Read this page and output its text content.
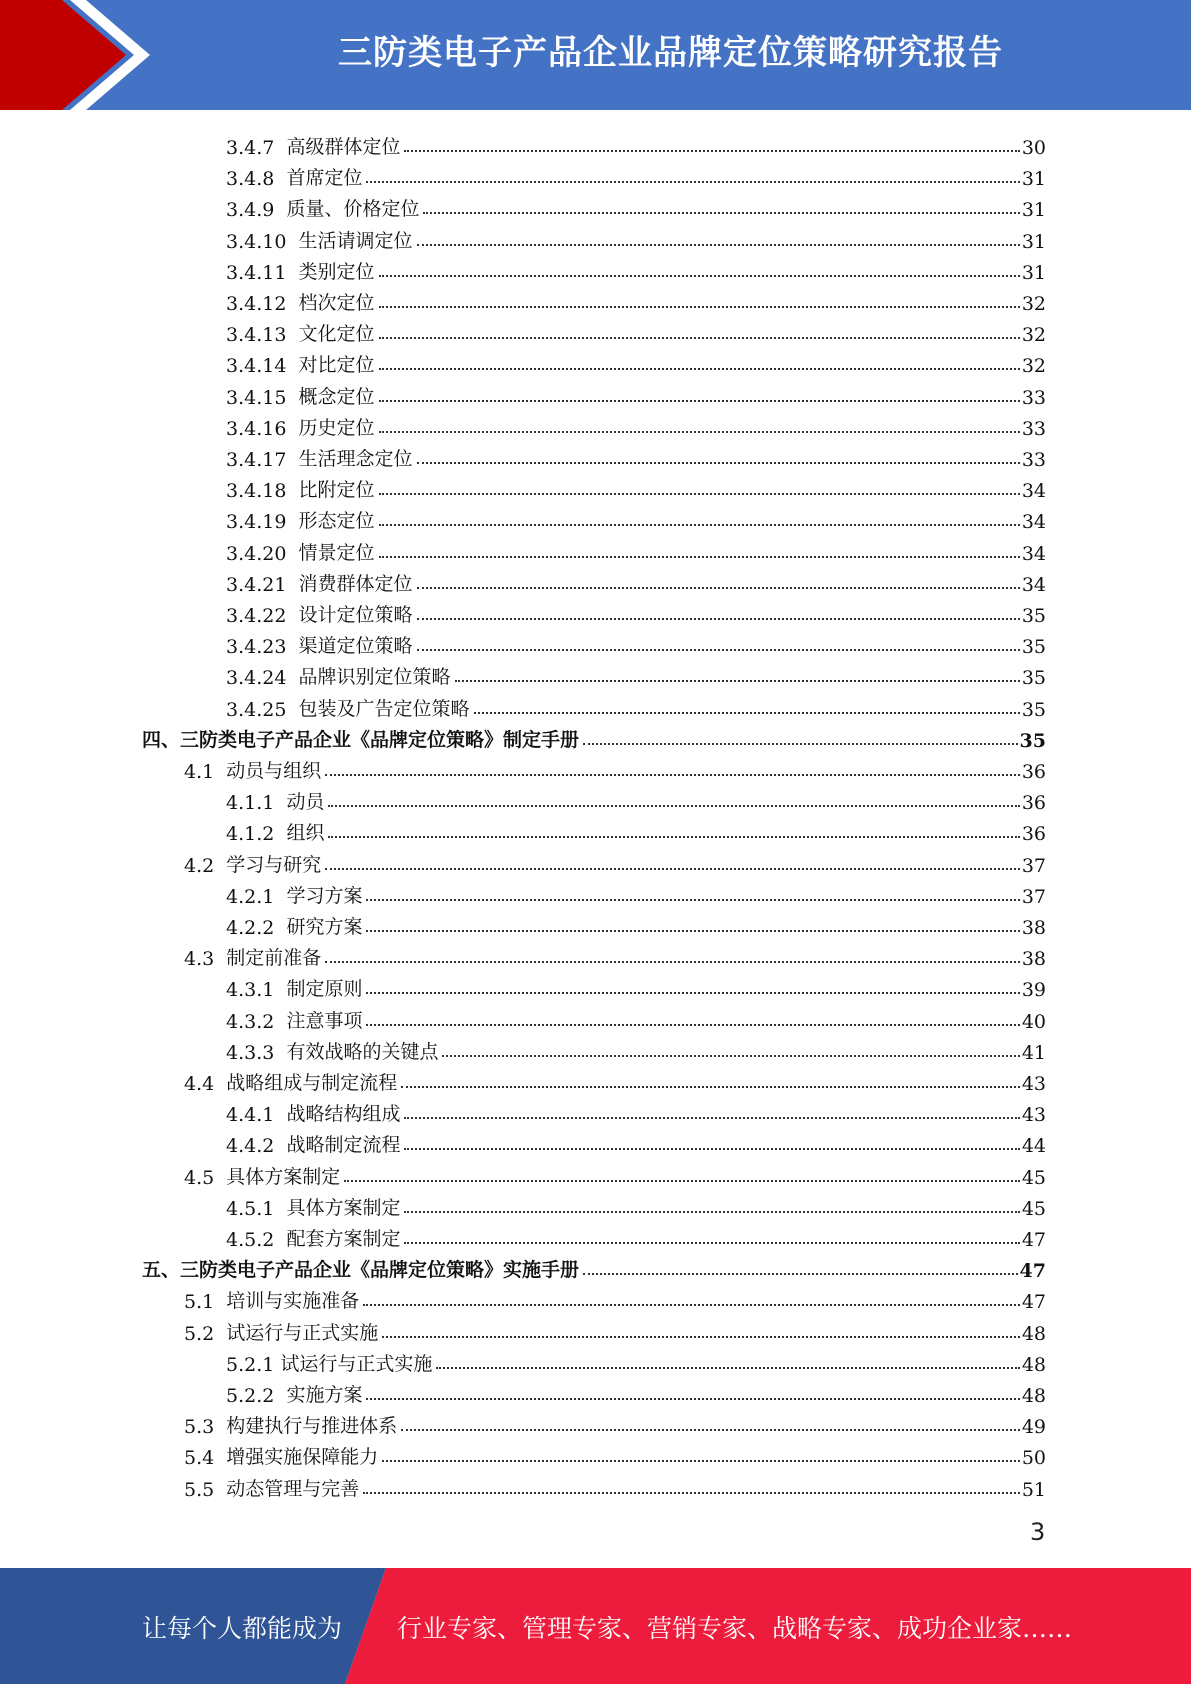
三防类电子产品企业品牌定位策略研究报告
3.4.7 高级群体定位	30
3.4.8 首席定位	31
3.4.9 质量、价格定位	31
3.4.10 生活请调定位	31
3.4.11 类别定位	31
3.4.12 档次定位	32
3.4.13 文化定位	32
3.4.14 对比定位	32
3.4.15 概念定位	33
3.4.16 历史定位	33
3.4.17 生活理念定位	33
3.4.18 比附定位	34
3.4.19 形态定位	34
3.4.20 情景定位	34
3.4.21 消费群体定位	34
3.4.22 设计定位策略	35
3.4.23 渠道定位策略	35
3.4.24 品牌识别定位策略	35
3.4.25 包装及广告定位策略	35
四、三防类电子产品企业《品牌定位策略》制定手册	35
4.1 动员与组织	36
4.1.1 动员	36
4.1.2 组织	36
4.2 学习与研究	37
4.2.1 学习方案	37
4.2.2 研究方案	38
4.3 制定前准备	38
4.3.1 制定原则	39
4.3.2 注意事项	40
4.3.3 有效战略的关键点	41
4.4 战略组成与制定流程	43
4.4.1 战略结构组成	43
4.4.2 战略制定流程	44
4.5 具体方案制定	45
4.5.1 具体方案制定	45
4.5.2 配套方案制定	47
五、三防类电子产品企业《品牌定位策略》实施手册	47
5.1 培训与实施准备	47
5.2 试运行与正式实施	48
5.2.1 试运行与正式实施	48
5.2.2 实施方案	48
5.3 构建执行与推进体系	49
5.4 增强实施保障能力	50
5.5 动态管理与完善	51
3
让每个人都能成为 行业专家、管理专家、营销专家、战略专家、成功企业家……
